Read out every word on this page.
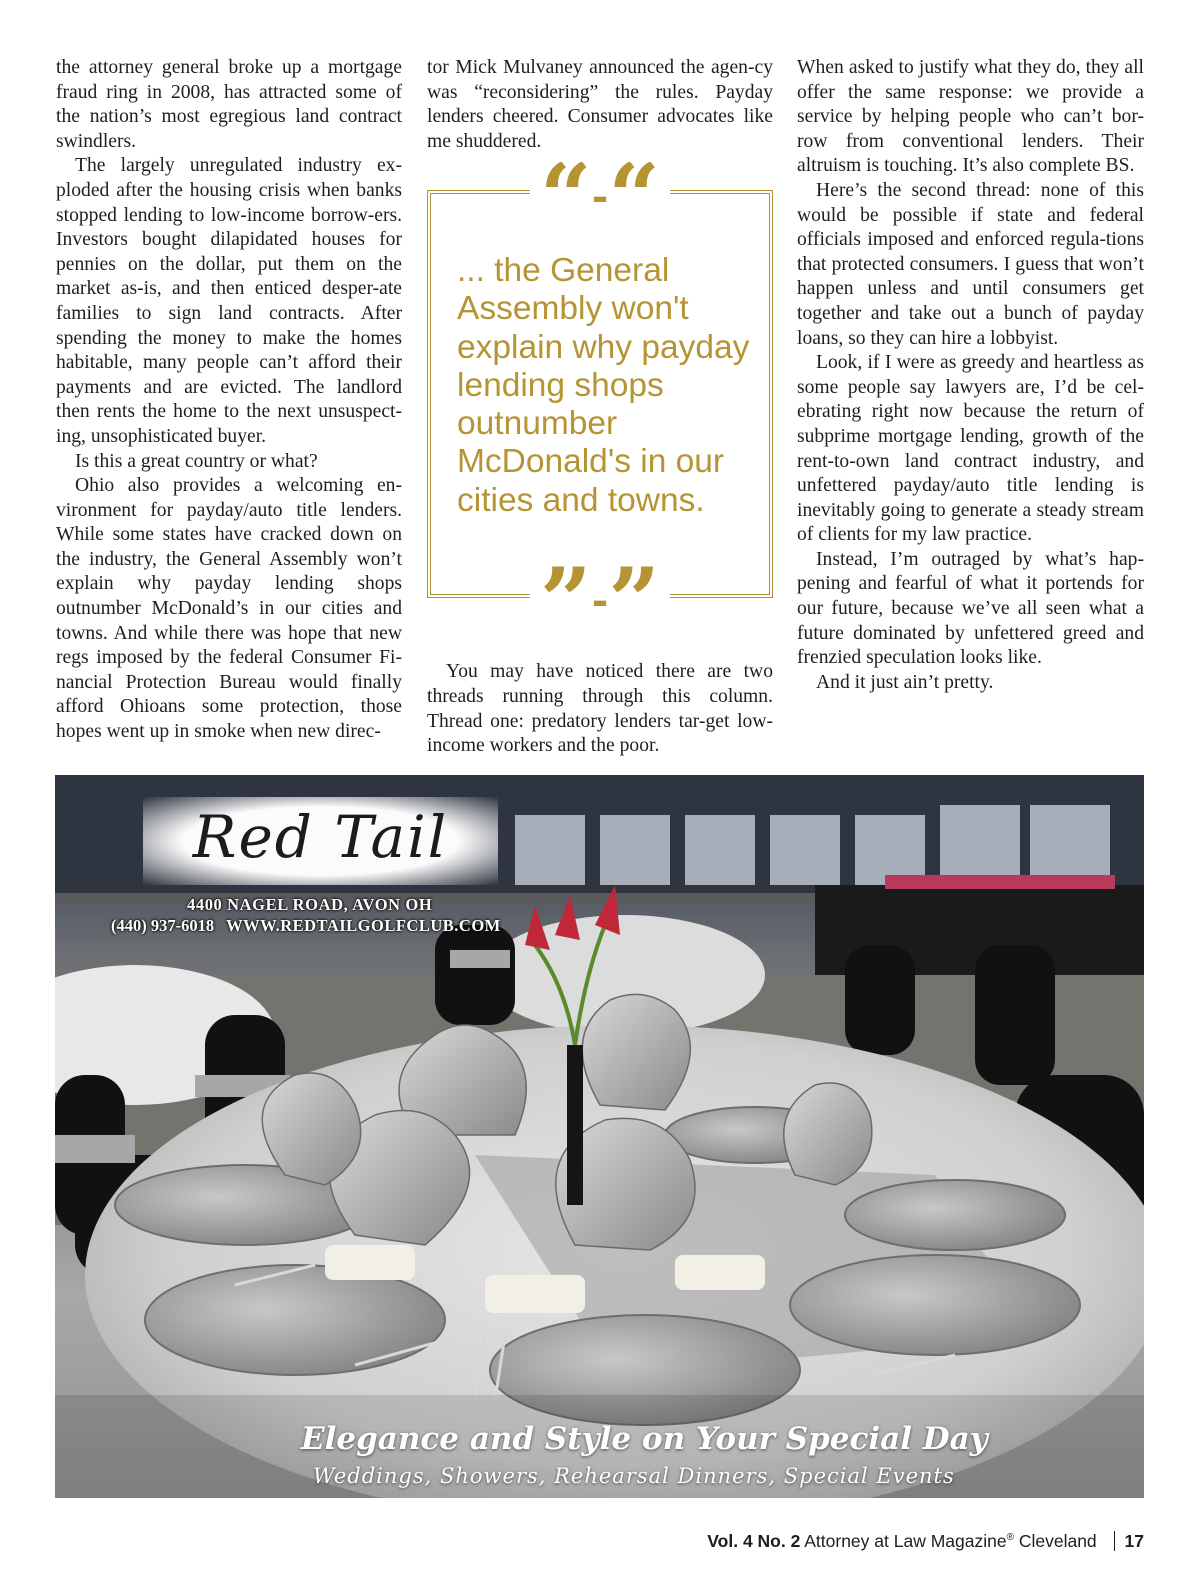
the attorney general broke up a mortgage fraud ring in 2008, has attracted some of the nation’s most egregious land contract swindlers.

The largely unregulated industry ex-ploded after the housing crisis when banks stopped lending to low-income borrow-ers. Investors bought dilapidated houses for pennies on the dollar, put them on the market as-is, and then enticed desper-ate families to sign land contracts. After spending the money to make the homes habitable, many people can’t afford their payments and are evicted. The landlord then rents the home to the next unsuspect-ing, unsophisticated buyer.

Is this a great country or what?

Ohio also provides a welcoming en-vironment for payday/auto title lenders. While some states have cracked down on the industry, the General Assembly won’t explain why payday lending shops outnumber McDonald’s in our cities and towns. And while there was hope that new regs imposed by the federal Consumer Fi-nancial Protection Bureau would finally afford Ohioans some protection, those hopes went up in smoke when new direc-

tor Mick Mulvaney announced the agen-cy was “reconsidering” the rules. Payday lenders cheered. Consumer advocates like me shuddered.

You may have noticed there are two threads running through this column. Thread one: predatory lenders tar-get low-income workers and the poor.

“-“
... the General Assembly won't explain why payday lending shops outnumber McDonald's in our cities and towns.
”-”

When asked to justify what they do, they all offer the same response: we provide a service by helping people who can’t bor-row from conventional lenders. Their altruism is touching. It’s also complete BS.

Here’s the second thread: none of this would be possible if state and federal officials imposed and enforced regula-tions that protected consumers. I guess that won’t happen unless and until consumers get together and take out a bunch of payday loans, so they can hire a lobbyist.

Look, if I were as greedy and heartless as some people say lawyers are, I’d be cel-ebrating right now because the return of subprime mortgage lending, growth of the rent-to-own land contract industry, and unfettered payday/auto title lending is inevitably going to generate a steady stream of clients for my law practice.

Instead, I’m outraged by what’s hap-pening and fearful of what it portends for our future, because we’ve all seen what a future dominated by unfettered greed and frenzied speculation looks like.

And it just ain’t pretty.

Red Tail
4400 NAGEL ROAD, AVON OH
(440) 937-6018 WWW.REDTAILGOLFCLUB.COM
Elegance and Style on Your Special Day
Weddings, Showers, Rehearsal Dinners, Special Events
Vol. 4 No. 2 Attorney at Law Magazine® Cleveland 17
